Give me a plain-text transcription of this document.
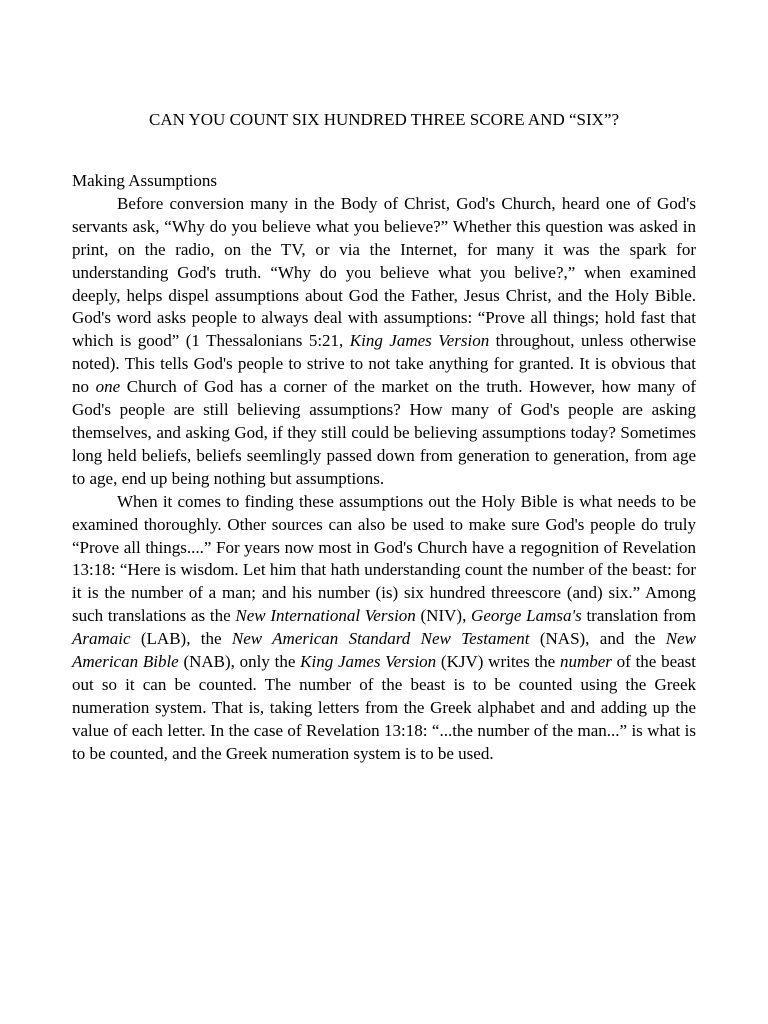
CAN YOU COUNT SIX HUNDRED THREE SCORE AND “SIX”?

Making Assumptions

Before conversion many in the Body of Christ, God's Church, heard one of God's servants ask, “Why do you believe what you believe?” Whether this question was asked in print, on the radio, on the TV, or via the Internet, for many it was the spark for understanding God's truth. “Why do you believe what you belive?,” when examined deeply, helps dispel assumptions about God the Father, Jesus Christ, and the Holy Bible. God's word asks people to always deal with assumptions: “Prove all things; hold fast that which is good” (1 Thessalonians 5:21, King James Version throughout, unless otherwise noted). This tells God's people to strive to not take anything for granted. It is obvious that no one Church of God has a corner of the market on the truth. However, how many of God's people are still believing assumptions? How many of God's people are asking themselves, and asking God, if they still could be believing assumptions today? Sometimes long held beliefs, beliefs seemlingly passed down from generation to generation, from age to age, end up being nothing but assumptions.

When it comes to finding these assumptions out the Holy Bible is what needs to be examined thoroughly. Other sources can also be used to make sure God's people do truly “Prove all things....” For years now most in God's Church have a regognition of Revelation 13:18: “Here is wisdom. Let him that hath understanding count the number of the beast: for it is the number of a man; and his number (is) six hundred threescore (and) six.” Among such translations as the New International Version (NIV), George Lamsa's translation from Aramaic (LAB), the New American Standard New Testament (NAS), and the New American Bible (NAB), only the King James Version (KJV) writes the number of the beast out so it can be counted. The number of the beast is to be counted using the Greek numeration system. That is, taking letters from the Greek alphabet and and adding up the value of each letter. In the case of Revelation 13:18: “...the number of the man...” is what is to be counted, and the Greek numeration system is to be used.
